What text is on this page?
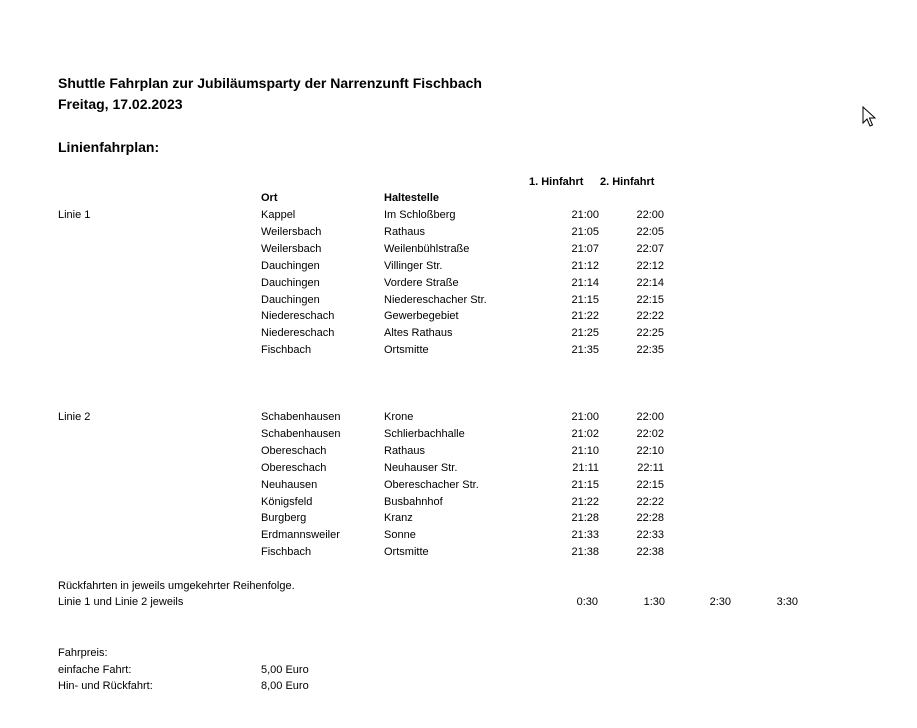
Shuttle Fahrplan zur Jubiläumsparty der Narrenzunft Fischbach
Freitag, 17.02.2023
Linienfahrplan:
1. Hinfahrt 2. Hinfahrt
Ort	Haltestelle
Linie 1	Kappel	Im Schloßberg	21:00	22:00
Weilersbach	Rathaus	21:05	22:05
Weilersbach	Weilenbühlstraße	21:07	22:07
Dauchingen	Villinger Str.	21:12	22:12
Dauchingen	Vordere Straße	21:14	22:14
Dauchingen	Niedereschacher Str.	21:15	22:15
Niedereschach	Gewerbegebiet	21:22	22:22
Niedereschach	Altes Rathaus	21:25	22:25
Fischbach	Ortsmitte	21:35	22:35
Linie 2	Schabenhausen	Krone	21:00	22:00
Schabenhausen	Schlierbachhalle	21:02	22:02
Obereschach	Rathaus	21:10	22:10
Obereschach	Neuhauser Str.	21:11	22:11
Neuhausen	Obereschacher Str.	21:15	22:15
Königsfeld	Busbahnhof	21:22	22:22
Burgberg	Kranz	21:28	22:28
Erdmannsweiler	Sonne	21:33	22:33
Fischbach	Ortsmitte	21:38	22:38
Rückfahrten in jeweils umgekehrter Reihenfolge.
Linie 1 und Linie 2 jeweils	0:30	1:30	2:30	3:30
Fahrpreis:
einfache Fahrt:	5,00 Euro
Hin- und Rückfahrt:	8,00 Euro
